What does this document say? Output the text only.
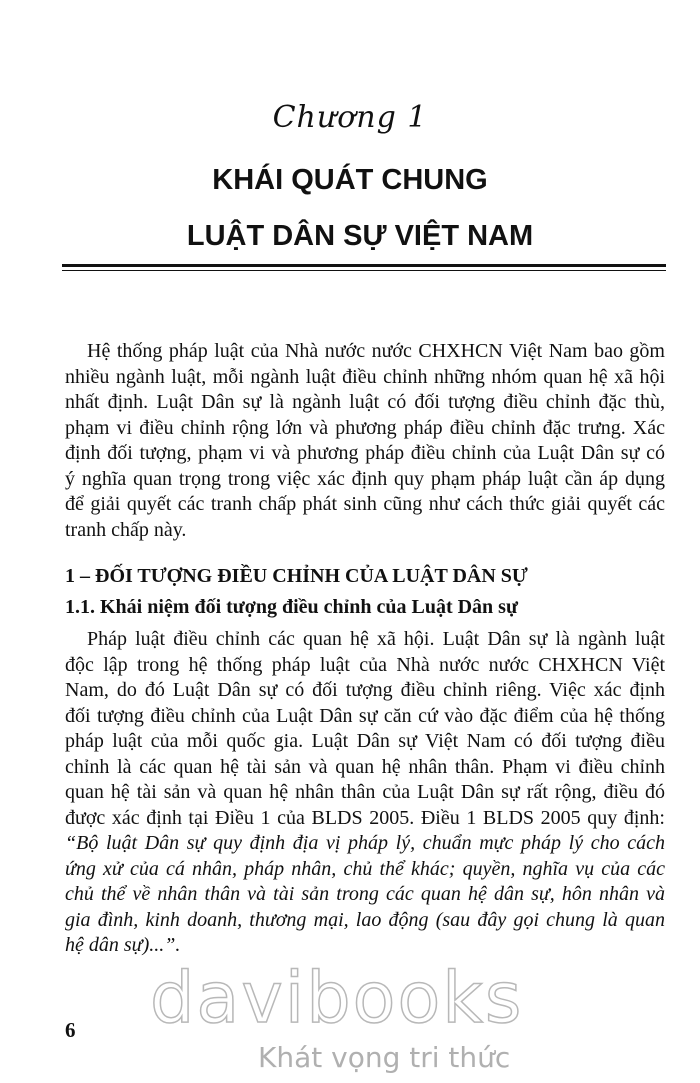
Chương 1
KHÁI QUÁT CHUNG
LUẬT DÂN SỰ VIỆT NAM
Hệ thống pháp luật của Nhà nước nước CHXHCN Việt Nam bao gồm
nhiều ngành luật, mỗi ngành luật điều chỉnh những nhóm quan hệ xã hội
nhất định. Luật Dân sự là ngành luật có đối tượng điều chỉnh đặc thù,
phạm vi điều chỉnh rộng lớn và phương pháp điều chỉnh đặc trưng. Xác
định đối tượng, phạm vi và phương pháp điều chỉnh của Luật Dân sự có
ý nghĩa quan trọng trong việc xác định quy phạm pháp luật cần áp dụng
để giải quyết các tranh chấp phát sinh cũng như cách thức giải quyết các
tranh chấp này.
1 – ĐỐI TƯỢNG ĐIỀU CHỈNH CỦA LUẬT DÂN SỰ
1.1. Khái niệm đối tượng điều chỉnh của Luật Dân sự
Pháp luật điều chỉnh các quan hệ xã hội. Luật Dân sự là ngành luật
độc lập trong hệ thống pháp luật của Nhà nước nước CHXHCN Việt
Nam, do đó Luật Dân sự có đối tượng điều chỉnh riêng. Việc xác định
đối tượng điều chỉnh của Luật Dân sự căn cứ vào đặc điểm của hệ thống
pháp luật của mỗi quốc gia. Luật Dân sự Việt Nam có đối tượng điều
chỉnh là các quan hệ tài sản và quan hệ nhân thân. Phạm vi điều chỉnh
quan hệ tài sản và quan hệ nhân thân của Luật Dân sự rất rộng, điều đó
được xác định tại Điều 1 của BLDS 2005. Điều 1 BLDS 2005 quy định:
“Bộ luật Dân sự quy định địa vị pháp lý, chuẩn mực pháp lý cho cách
ứng xử của cá nhân, pháp nhân, chủ thể khác; quyền, nghĩa vụ của các
chủ thể về nhân thân và tài sản trong các quan hệ dân sự, hôn nhân và
gia đình, kinh doanh, thương mại, lao động (sau đây gọi chung là quan
hệ dân sự)...”.
davibooks
Khát vọng tri thức
6
